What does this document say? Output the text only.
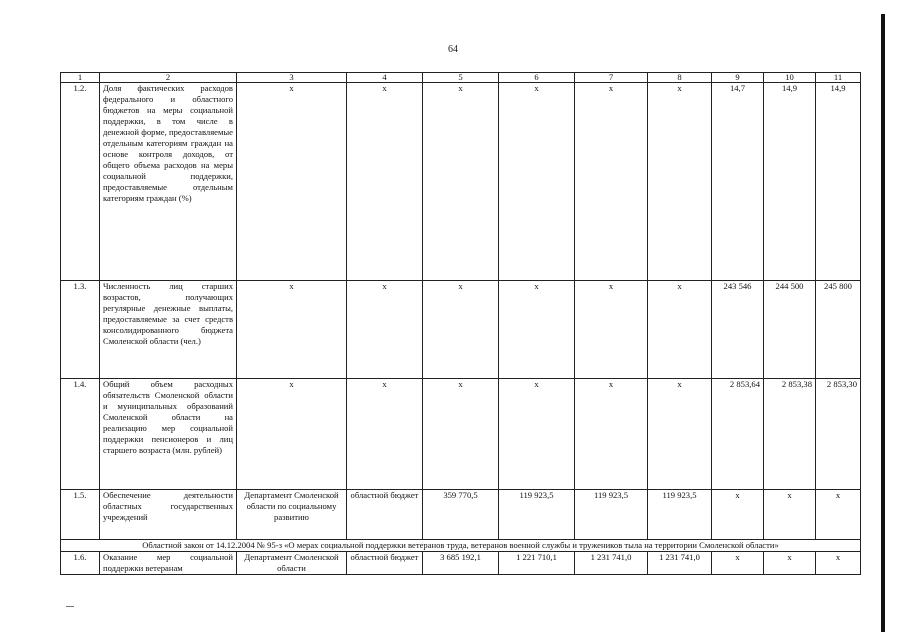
64
1	2	3	4	5	6	7	8	9	10	11
1.2.	Доля фактических расходов федерального и областного бюджетов на меры социальной поддержки, в том числе в денежной форме, предоставляемые отдельным категориям граждан на основе контроля доходов, от общего объема расходов на меры социальной поддержки, предоставляемые отдельным категориям граждан (%)	х	х	х	х	х	х	14,7	14,9	14,9
1.3.	Численность лиц старших возрастов, получающих регулярные денежные выплаты, предоставляемые за счет средств консолидированного бюджета Смоленской области (чел.)	х	х	х	х	х	х	243 546	244 500	245 800
1.4.	Общий объем расходных обязательств Смоленской области и муниципальных образований Смоленской области на реализацию мер социальной поддержки пенсионеров и лиц старшего возраста (млн. рублей)	х	х	х	х	х	х	2 853,64	2 853,38	2 853,30
1.5.	Обеспечение деятельности областных государственных учреждений	Департамент Смоленской области по социальному развитию	областной бюджет	359 770,5	119 923,5	119 923,5	119 923,5	х	х	х
Областной закон от 14.12.2004 № 95-з «О мерах социальной поддержки ветеранов труда, ветеранов военной службы и тружеников тыла на территории Смоленской области»										
1.6.	Оказание мер социальной поддержки ветеранам	Департамент Смоленской области	областной бюджет	3 685 192,1	1 221 710,1	1 231 741,0	1 231 741,0	х	х	х
